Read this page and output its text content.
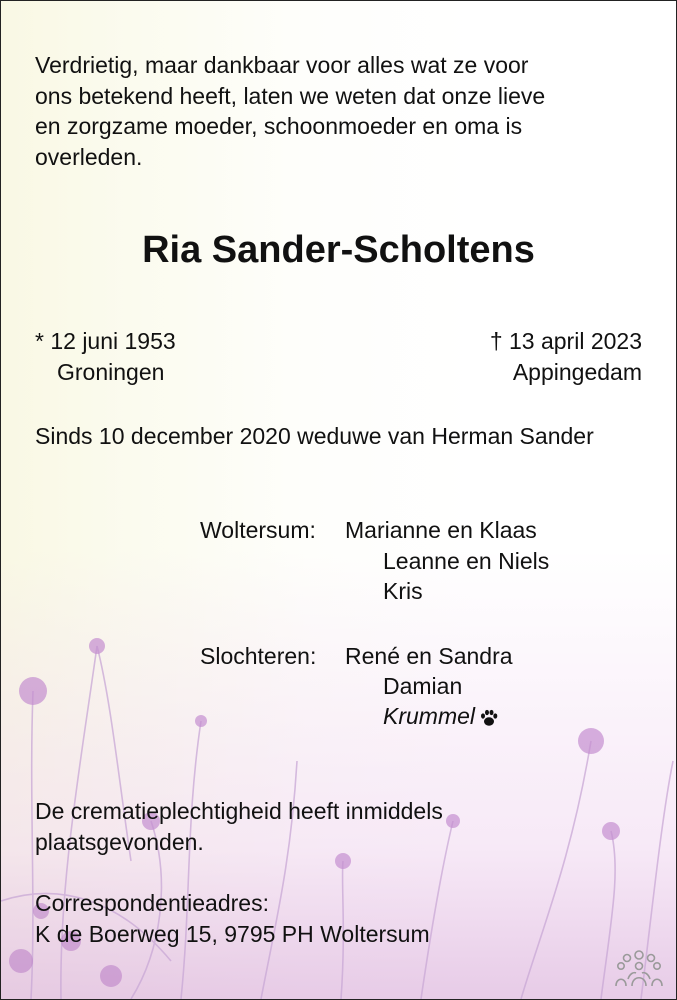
Verdrietig, maar dankbaar voor alles wat ze voor
ons betekend heeft, laten we weten dat onze lieve
en zorgzame moeder, schoonmoeder en oma is
overleden.
Ria Sander-Scholtens
* 12 juni 1953
Groningen
† 13 april 2023
Appingedam
Sinds 10 december 2020 weduwe van Herman Sander
Woltersum: Marianne en Klaas
Leanne en Niels
Kris
Slochteren: René en Sandra
Damian
Krummel
De crematieplechtigheid heeft inmiddels
plaatsgevonden.
Correspondentieadres:
K de Boerweg 15, 9795 PH Woltersum
